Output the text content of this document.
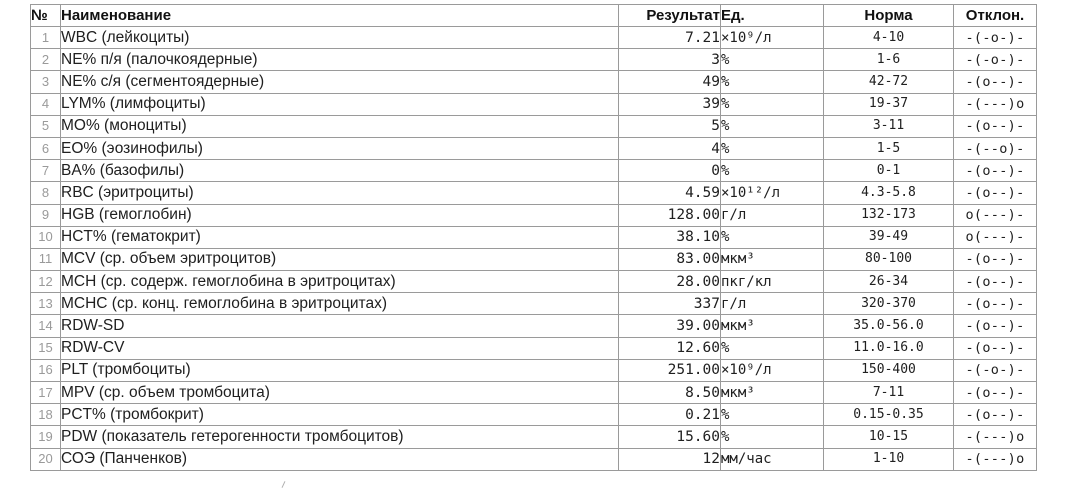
№	Наименование	Результат	Ед.	Норма	Отклон.
1	WBC (лейкоциты)	7.21	×10⁹/л	4-10	-(-о-)-
2	NE% п/я (палочкоядерные)	3	%	1-6	-(-о-)-
3	NE% с/я (сегментоядерные)	49	%	42-72	-(о--)-
4	LYM% (лимфоциты)	39	%	19-37	-(---)о
5	MO% (моноциты)	5	%	3-11	-(о--)-
6	EO% (эозинофилы)	4	%	1-5	-(--о)-
7	BA% (базофилы)	0	%	0-1	-(о--)-
8	RBC (эритроциты)	4.59	×10¹²/л	4.3-5.8	-(о--)-
9	HGB (гемоглобин)	128.00	г/л	132-173	о(---)-
10	HCT% (гематокрит)	38.10	%	39-49	о(---)-
11	MCV (ср. объем эритроцитов)	83.00	мкм³	80-100	-(о--)-
12	MCH (ср. содерж. гемоглобина в эритроцитах)	28.00	пкг/кл	26-34	-(о--)-
13	MCHC (ср. конц. гемоглобина в эритроцитах)	337	г/л	320-370	-(о--)-
14	RDW-SD	39.00	мкм³	35.0-56.0	-(о--)-
15	RDW-CV	12.60	%	11.0-16.0	-(о--)-
16	PLT (тромбоциты)	251.00	×10⁹/л	150-400	-(-о-)-
17	MPV (ср. объем тромбоцита)	8.50	мкм³	7-11	-(о--)-
18	PCT% (тромбокрит)	0.21	%	0.15-0.35	-(о--)-
19	PDW (показатель гетерогенности тромбоцитов)	15.60	%	10-15	-(---)о
20	СОЭ (Панченков)	12	мм/час	1-10	-(---)о
